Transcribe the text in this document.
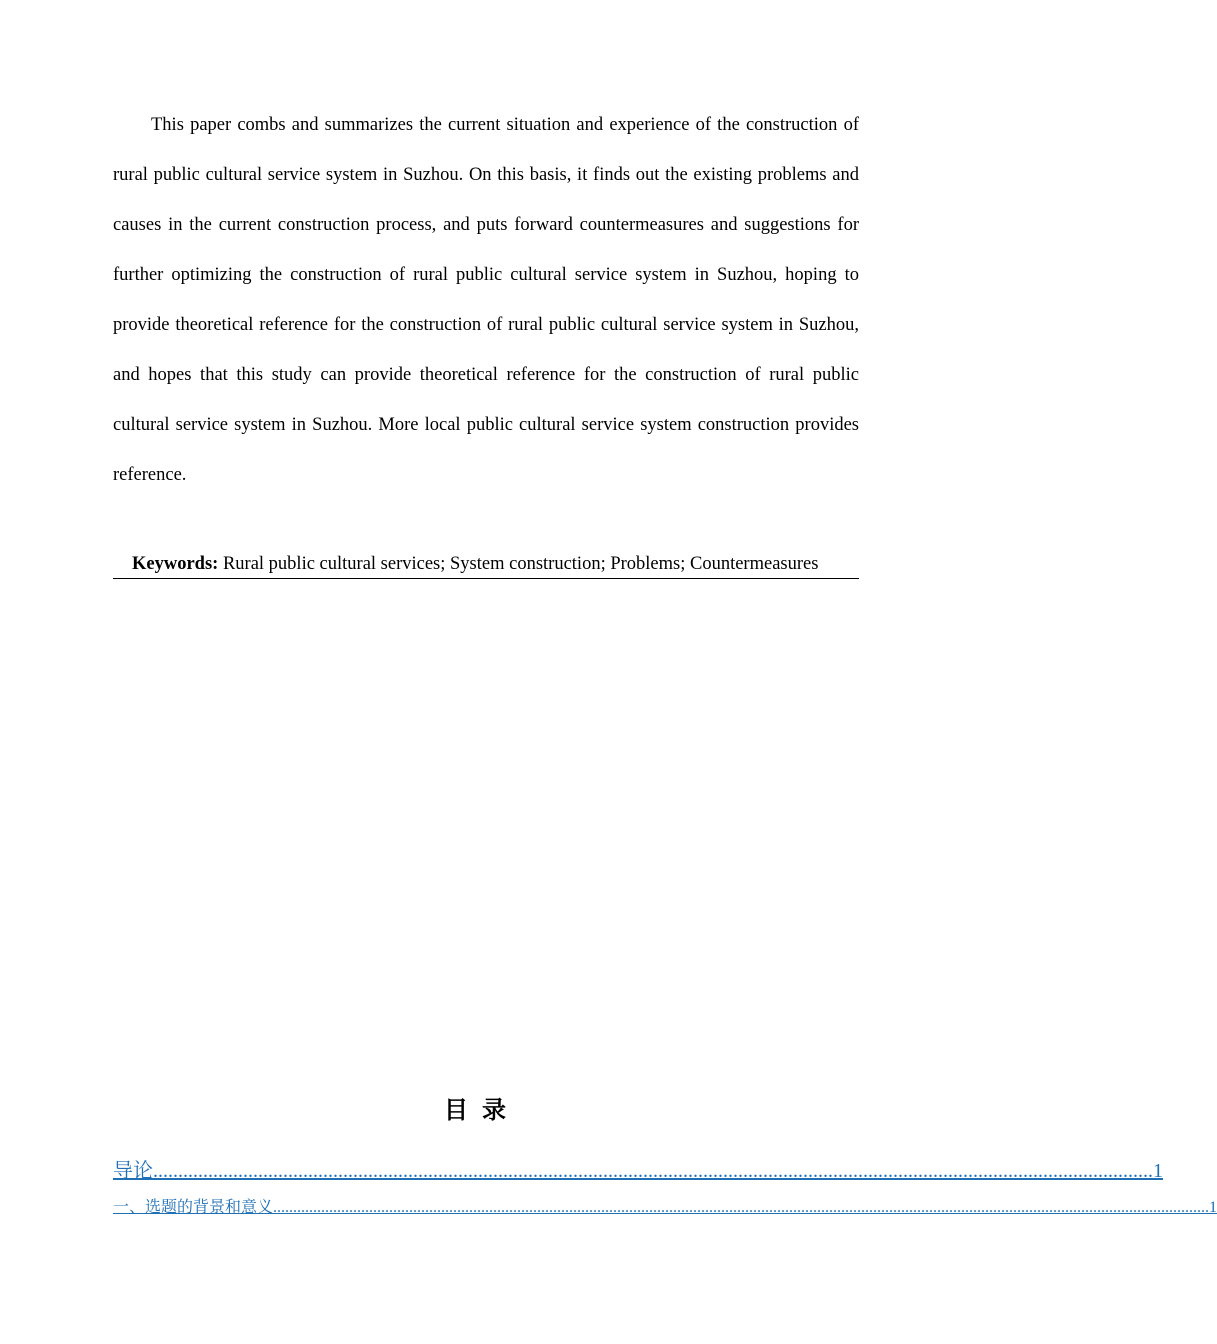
This paper combs and summarizes the current situation and experience of the construction of rural public cultural service system in Suzhou. On this basis, it finds out the existing problems and causes in the current construction process, and puts forward countermeasures and suggestions for further optimizing the construction of rural public cultural service system in Suzhou, hoping to provide theoretical reference for the construction of rural public cultural service system in Suzhou, and hopes that this study can provide theoretical reference for the construction of rural public cultural service system in Suzhou. More local public cultural service system construction provides reference.

Keywords: Rural public cultural services; System construction; Problems; Countermeasures
目录
导论 ........................................................................................................................................................................................................ 1
一、选题的背景和意义 .......................................................................................................................................................................................................................................... 1
